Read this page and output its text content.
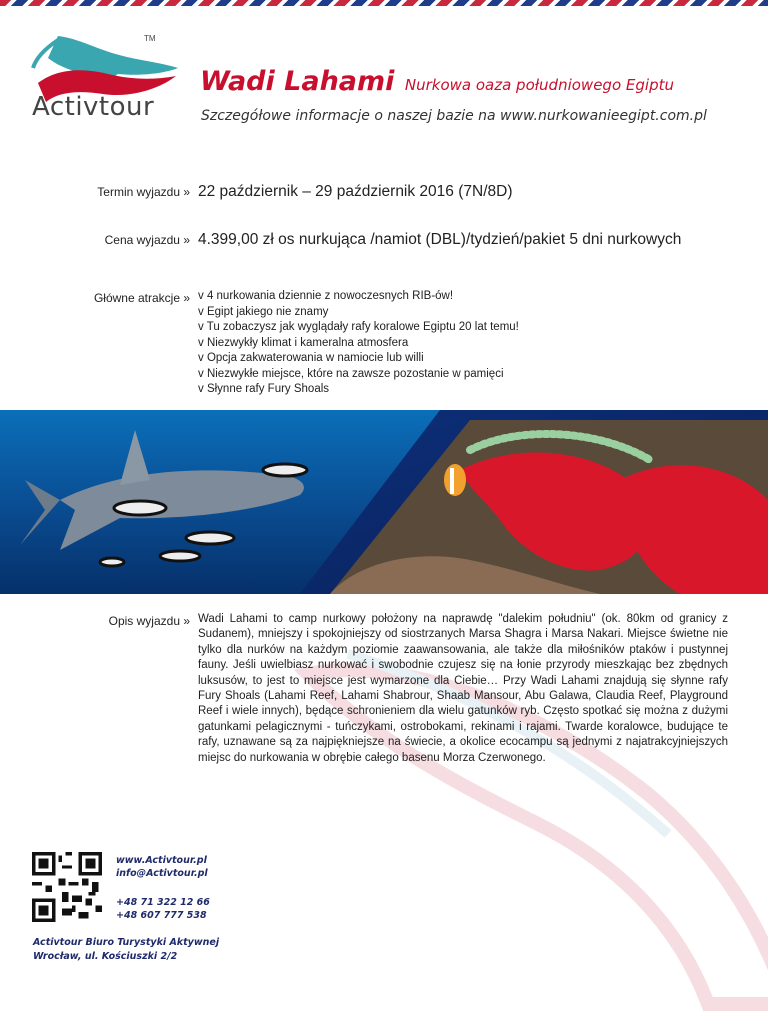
TM
Activtour
Wadi Lahami Nurkowa oaza południowego Egiptu
Szczegółowe informacje o naszej bazie na www.nurkowanieegipt.com.pl
Termin wyjazdu » 22 październik – 29 październik 2016 (7N/8D)
Cena wyjazdu » 4.399,00 zł os nurkująca /namiot (DBL)/tydzień/pakiet 5 dni nurkowych
Główne atrakcje » v 4 nurkowania dziennie z nowoczesnych RIB-ów!
v Egipt jakiego nie znamy
v Tu zobaczysz jak wyglądały rafy koralowe Egiptu 20 lat temu!
v Niezwykły klimat i kameralna atmosfera
v Opcja zakwaterowania w namiocie lub willi
v Niezwykłe miejsce, które na zawsze pozostanie w pamięci
v Słynne rafy Fury Shoals
Opis wyjazdu » Wadi Lahami to camp nurkowy położony na naprawdę "dalekim południu" (ok. 80km od granicy z Sudanem), mniejszy i spokojniejszy od siostrzanych Marsa Shagra i Marsa Nakari. Miejsce świetne nie tylko dla nurków na każdym poziomie zaawansowania, ale także dla miłośników ptaków i pustynnej fauny. Jeśli uwielbiasz nurkować i swobodnie czujesz się na łonie przyrody mieszkając bez zbędnych luksusów, to jest to miejsce jest wymarzone dla Ciebie… Przy Wadi Lahami znajdują się słynne rafy Fury Shoals (Lahami Reef, Lahami Shabrour, Shaab Mansour, Abu Galawa, Claudia Reef, Playground Reef i wiele innych), będące schronieniem dla wielu gatunków ryb. Często spotkać się można z dużymi gatunkami pelagicznymi - tuńczykami, ostrobokami, rekinami i rajami. Twarde koralowce, budujące te rafy, uznawane są za najpiękniejsze na świecie, a okolice ecocampu są jednymi z najatrakcyjniejszych miejsc do nurkowania w obrębie całego basenu Morza Czerwonego.

www.Activtour.pl
info@Activtour.pl
+48 71 322 12 66
+48 607 777 538
Activtour Biuro Turystyki Aktywnej
Wrocław, ul. Kościuszki 2/2
